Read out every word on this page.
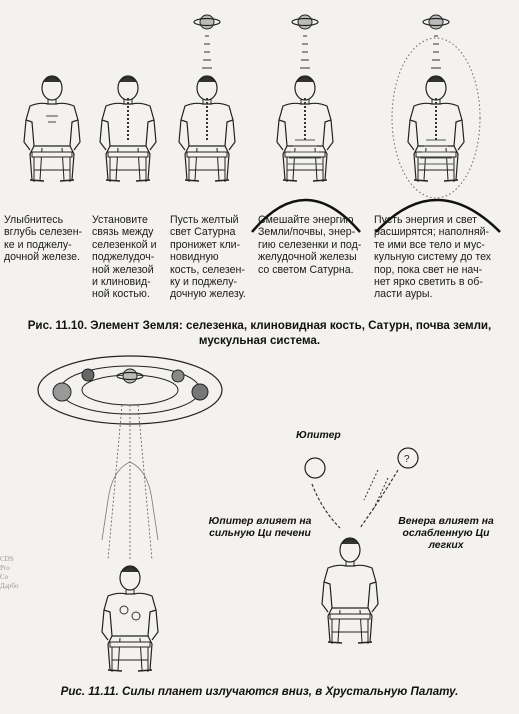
?
Улыбнитесь
вглубь селезен-
ке и поджелу-
дочной железе.
Установите
связь между
селезенкой и
поджелудоч-
ной железой
и клиновид-
ной костью.
Пусть желтый
свет Сатурна
пронижет кли-
новидную
кость, селезен-
ку и поджелу-
дочную железу.
Смешайте энергию
Земли/почвы, энер-
гию селезенки и под-
желудочной железы
со светом Сатурна.
Пусть энергия и свет
расширятся; наполняй-
те ими все тело и мус-
кульную систему до тех
пор, пока свет не нач-
нет ярко светить в об-
ласти ауры.
Рис. 11.10. Элемент Земля: селезенка, клиновидная кость, Сатурн, почва земли,
мускульная система.
Юпитер
Юпитер влияет на
сильную Ци печени
Венера влияет на
ослабленную Ци
легких
CDS
Pro
Со
Дарбо
Рис. 11.11. Силы планет излучаются вниз, в Хрустальную Палату.
